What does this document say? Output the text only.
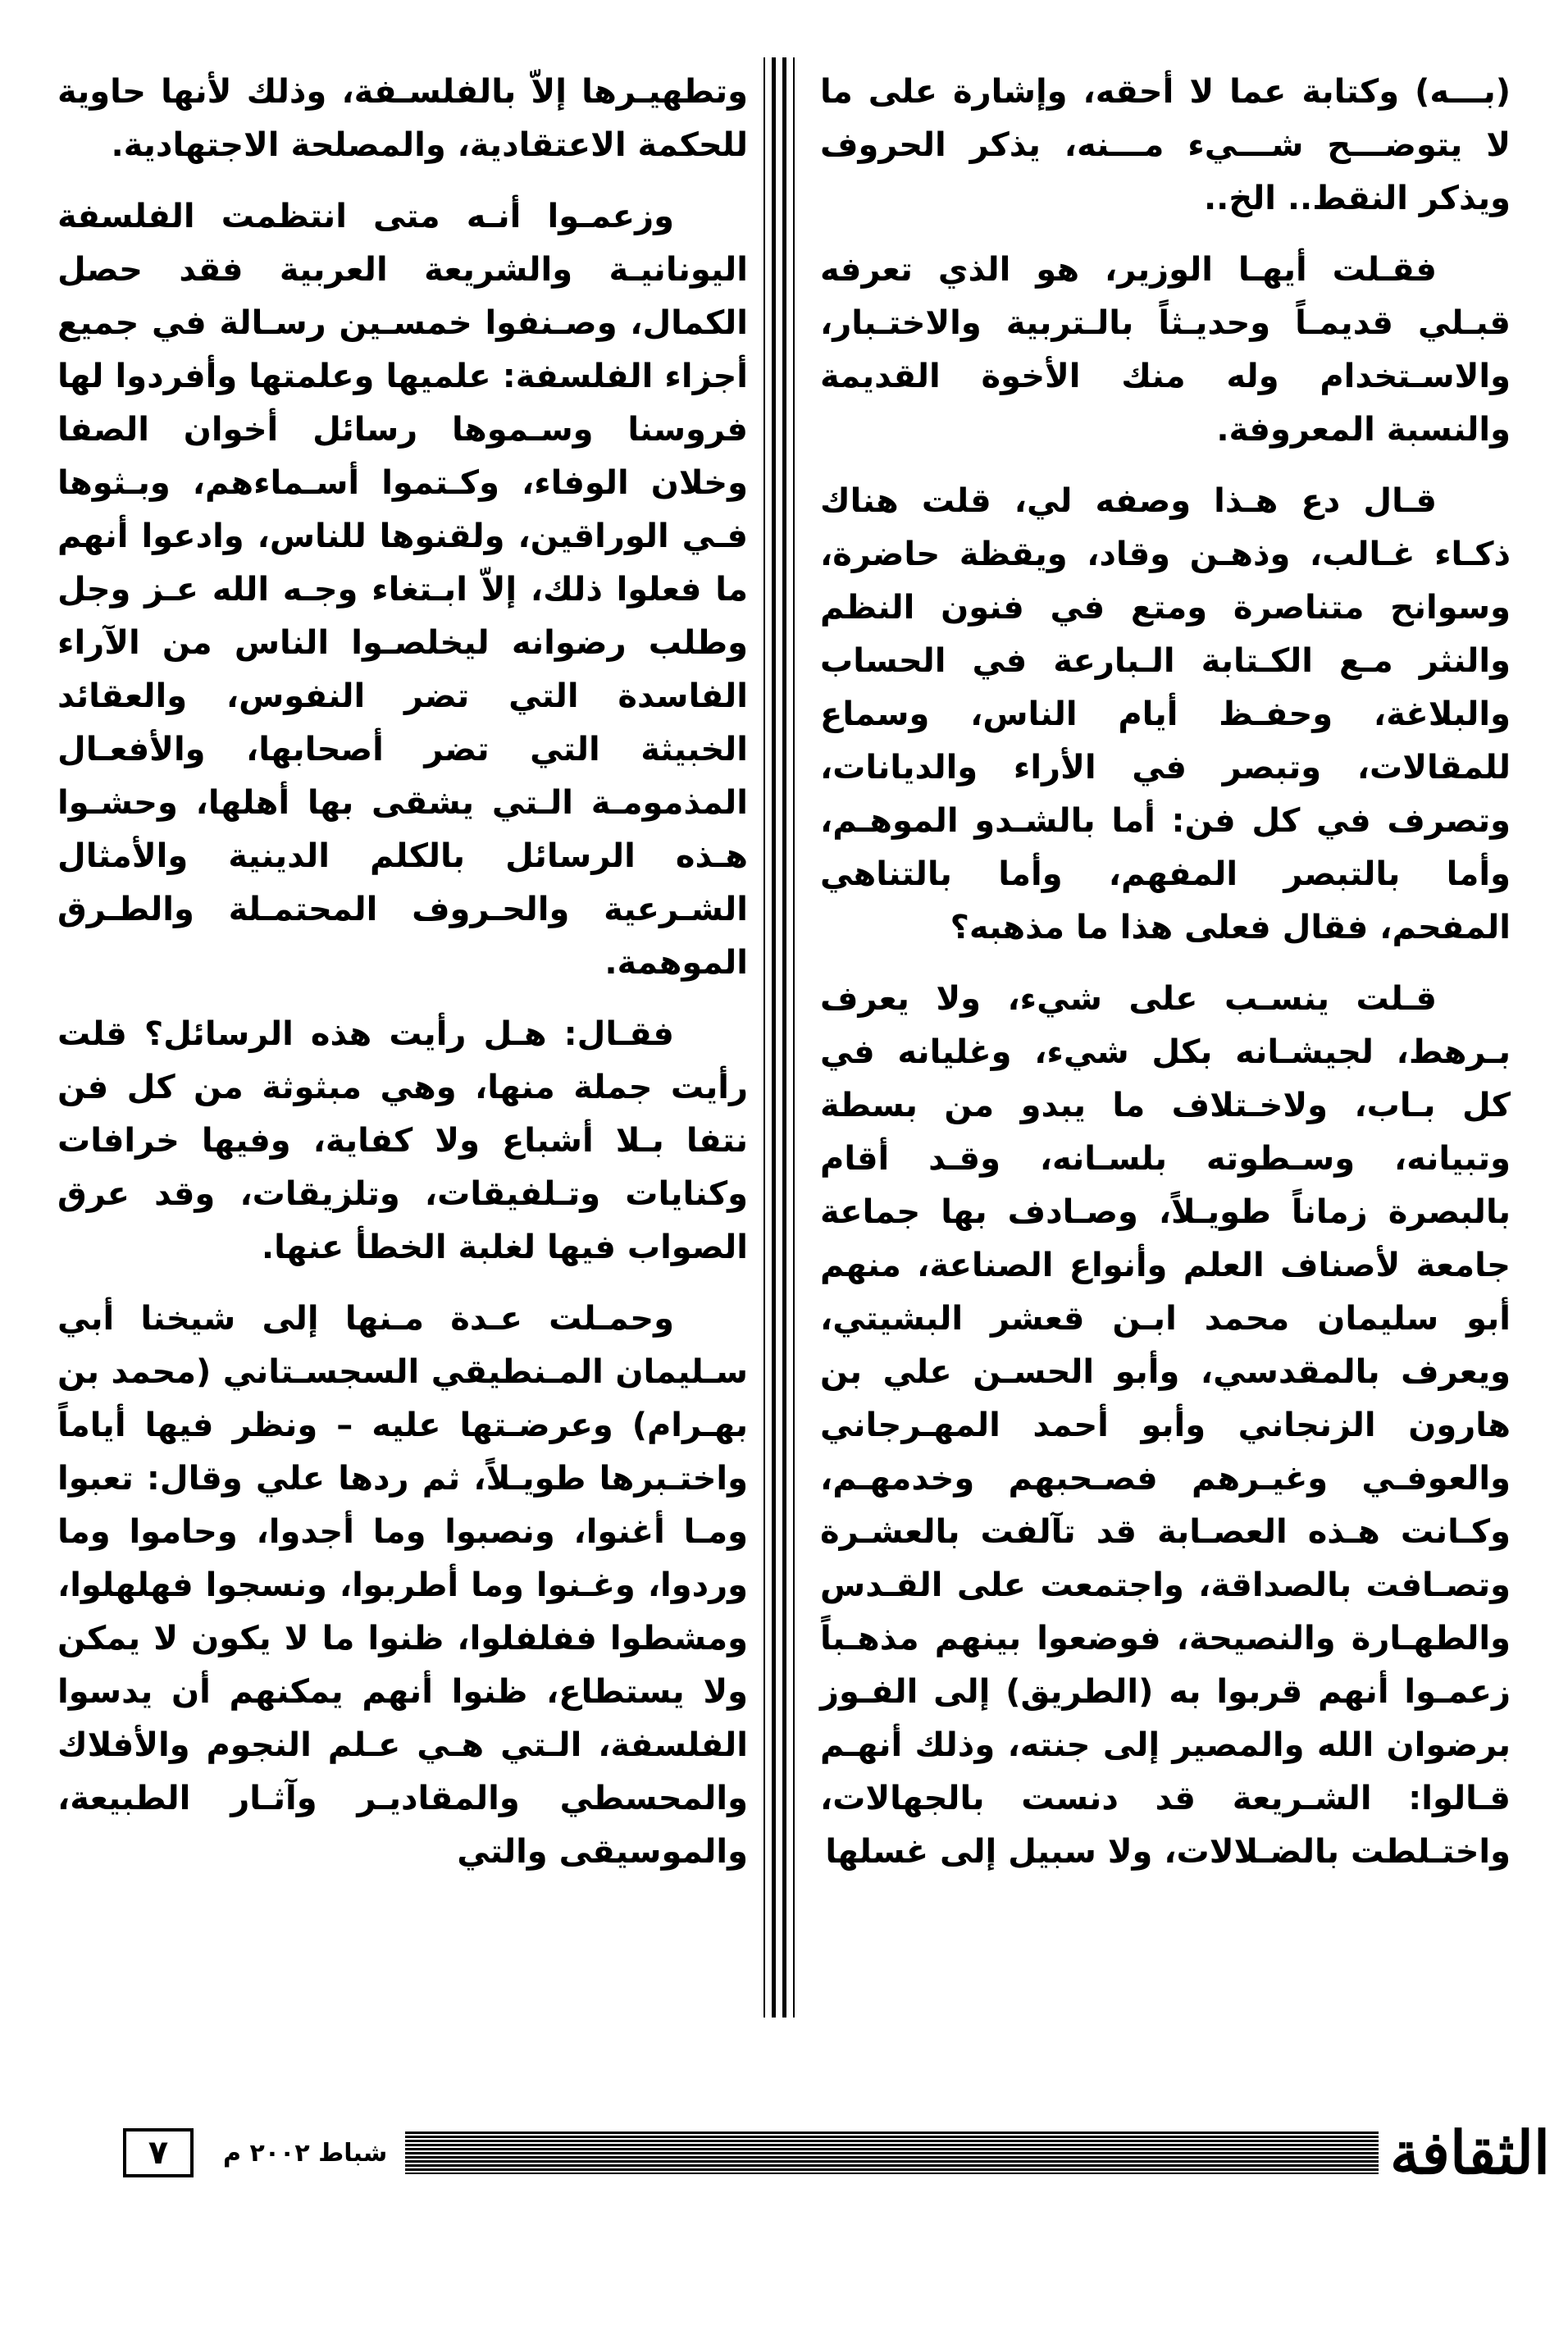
(بـــه) وكتابة عما لا أحقه، وإشارة على ما لا يتوضـــح شـــيء مـــنه، يذكر الحروف ويذكر النقط.. الخ..

فقـلت أيهـا الوزير، هو الذي تعرفه قبـلي قديمـاً وحديـثاً بالـتربية والاختـبار، والاسـتخدام وله منك الأخوة القديمة والنسبة المعروفة.

قـال دع هـذا وصفه لي، قلت هناك ذكـاء غـالب، وذهـن وقاد، ويقظة حاضرة، وسوانح متناصرة ومتع في فنون النظم والنثر مـع الكـتابة الـبارعة في الحساب والبلاغة، وحفـظ أيام الناس، وسماع للمقالات، وتبصر في الأراء والديانات، وتصرف في كل فن: أما بالشـدو الموهـم، وأما بالتبصر المفهم، وأما بالتناهي المفحم، فقال فعلى هذا ما مذهبه؟

قـلت ينسـب على شيء، ولا يعرف بـرهط، لجيشـانه بكل شيء، وغليانه في كل بـاب، ولاخـتلاف ما يبدو من بسطة وتبيانه، وسـطوته بلسـانه، وقـد أقام بالبصرة زماناً طويـلاً، وصـادف بها جماعة جامعة لأصناف العلم وأنواع الصناعة، منهم أبو سليمان محمد ابـن قعشر البشيتي، ويعرف بالمقدسي، وأبو الحسـن علي بن هارون الزنجاني وأبو أحمد المهـرجاني والعوفـي وغيـرهم فصـحبهم وخدمهـم، وكـانت هـذه العصـابة قد تآلفت بالعشـرة وتصـافت بالصداقة، واجتمعت على القـدس والطهـارة والنصيحة، فوضعوا بينهم مذهـباً زعمـوا أنهم قربوا به (الطريق) إلى الفـوز برضوان الله والمصير إلى جنته، وذلك أنهـم قـالوا: الشـريعة قد دنست بالجهالات، واختـلطت بالضـلالات، ولا سبيل إلى غسلها

وتطهيـرها إلاّ بالفلسـفة، وذلك لأنها حاوية للحكمة الاعتقادية، والمصلحة الاجتهادية.

وزعمـوا أنـه متى انتظمت الفلسفة اليونانيـة والشريعة العربية فقد حصل الكمال، وصـنفوا خمسـين رسـالة في جميع أجزاء الفلسفة: علميها وعلمتها وأفردوا لها فروسنا وسـموها رسائل أخوان الصفا وخلان الوفاء، وكـتموا أسـماءهم، وبـثوها فـي الوراقين، ولقنوها للناس، وادعوا أنهم ما فعلوا ذلك، إلاّ ابـتغاء وجـه الله عـز وجل وطلب رضوانه ليخلصـوا الناس من الآراء الفاسدة التي تضر النفوس، والعقائد الخبيثة التي تضر أصحابها، والأفعـال المذمومـة الـتي يشقى بها أهلها، وحشـوا هـذه الرسائل بالكلم الدينية والأمثال الشـرعية والحـروف المحتمـلة والطـرق الموهمة.

فقـال: هـل رأيت هذه الرسائل؟ قلت رأيت جملة منها، وهي مبثوثة من كل فن نتفا بـلا أشباع ولا كفاية، وفيها خرافات وكنايات وتـلفيقات، وتلزيقات، وقد عرق الصواب فيها لغلبة الخطأ عنها.

وحمـلت عـدة مـنها إلى شيخنا أبي سـليمان المـنطيقي السجسـتاني (محمد بن بهـرام) وعرضـتها عليه – ونظر فيها أياماً واختـبرها طويـلاً، ثم ردها علي وقال: تعبوا ومـا أغنوا، ونصبوا وما أجدوا، وحاموا وما وردوا، وغـنوا وما أطربوا، ونسجوا فهلهلوا، ومشطوا ففلفلوا، ظنوا ما لا يكون لا يمكن ولا يستطاع، ظنوا أنهم يمكنهم أن يدسوا الفلسفة، الـتي هـي عـلم النجوم والأفلاك والمحسطي والمقاديـر وآثـار الطبيعة، والموسيقى والتي

٧	شباط ٢٠٠٢ م	الثقافة
